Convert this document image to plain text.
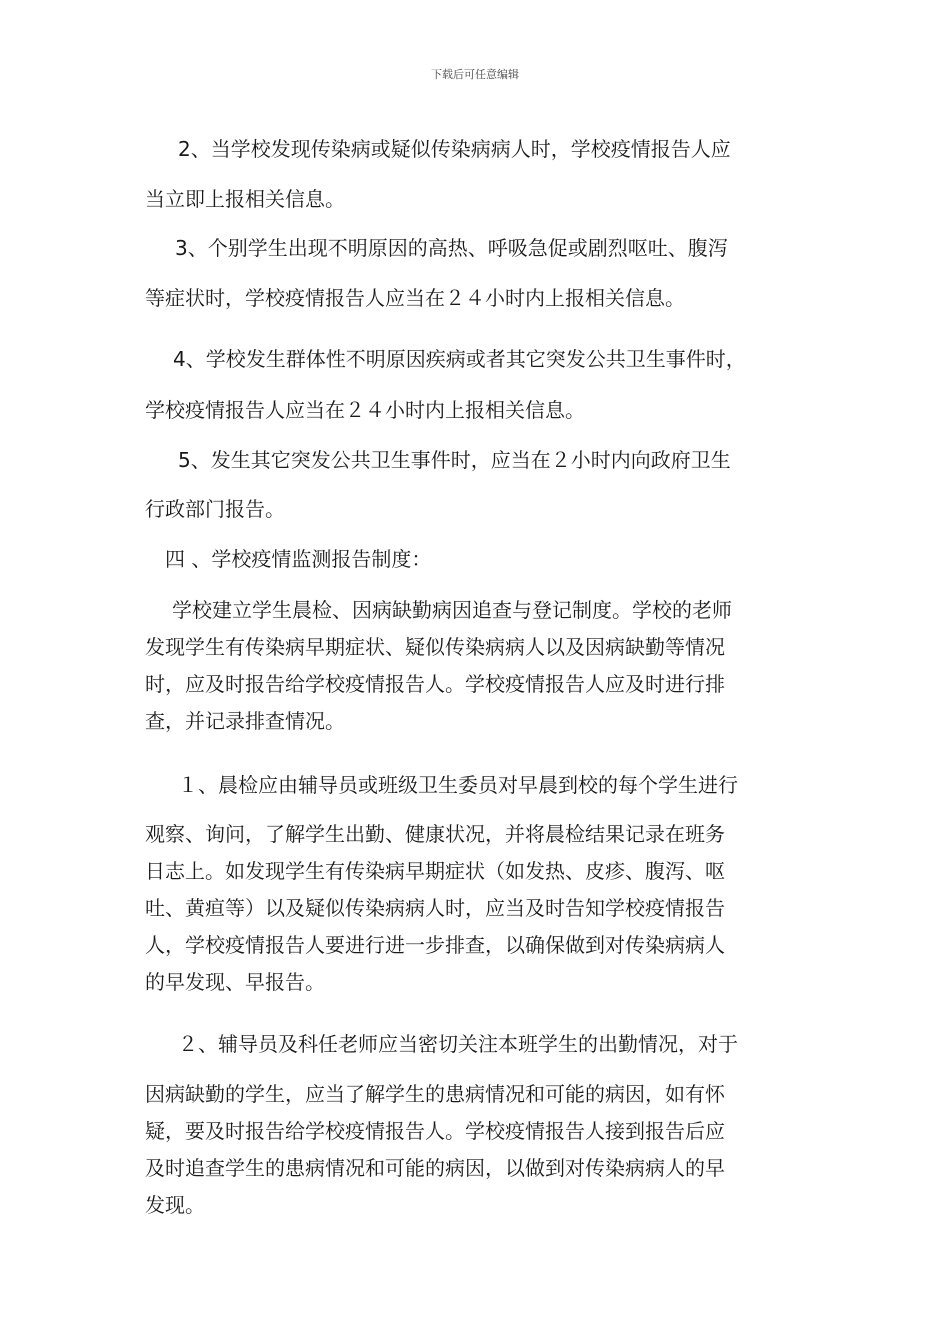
下载后可任意编辑
2、当学校发现传染病或疑似传染病病人时，学校疫情报告人应
当立即上报相关信息。
3、个别学生出现不明原因的高热、呼吸急促或剧烈呕吐、腹泻
等症状时，学校疫情报告人应当在２４小时内上报相关信息。
4、学校发生群体性不明原因疾病或者其它突发公共卫生事件时，
学校疫情报告人应当在２４小时内上报相关信息。
5、发生其它突发公共卫生事件时，应当在２小时内向政府卫生
行政部门报告。
四 、学校疫情监测报告制度：
学校建立学生晨检、因病缺勤病因追查与登记制度。学校的老师
发现学生有传染病早期症状、疑似传染病病人以及因病缺勤等情况
时，应及时报告给学校疫情报告人。学校疫情报告人应及时进行排
查，并记录排查情况。
１、晨检应由辅导员或班级卫生委员对早晨到校的每个学生进行
观察、询问，了解学生出勤、健康状况，并将晨检结果记录在班务
日志上。如发现学生有传染病早期症状（如发热、皮疹、腹泻、呕
吐、黄疸等）以及疑似传染病病人时，应当及时告知学校疫情报告
人，学校疫情报告人要进行进一步排查，以确保做到对传染病病人
的早发现、早报告。
２、辅导员及科任老师应当密切关注本班学生的出勤情况，对于
因病缺勤的学生，应当了解学生的患病情况和可能的病因，如有怀
疑，要及时报告给学校疫情报告人。学校疫情报告人接到报告后应
及时追查学生的患病情况和可能的病因，以做到对传染病病人的早
发现。
